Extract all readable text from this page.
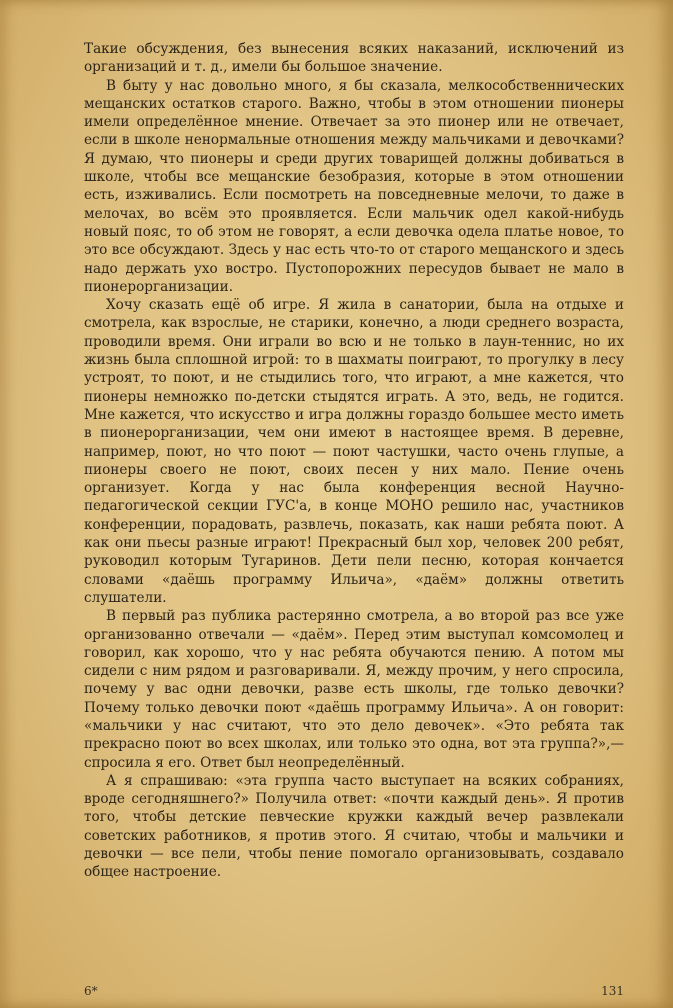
Такие обсуждения, без вынесения всяких наказаний, исключений из организаций и т. д., имели бы большое значение.

В быту у нас довольно много, я бы сказала, мелкособственнических мещанских остатков старого. Важно, чтобы в этом отношении пионеры имели определённое мнение. Отвечает за это пионер или не отвечает, если в школе ненормальные отношения между мальчиками и девочками? Я думаю, что пионеры и среди других товарищей должны добиваться в школе, чтобы все мещанские безобразия, которые в этом отношении есть, изживались. Если посмотреть на повседневные мелочи, то даже в мелочах, во всём это проявляется. Если мальчик одел какой-нибудь новый пояс, то об этом не говорят, а если девочка одела платье новое, то это все обсуждают. Здесь у нас есть что-то от старого мещанского и здесь надо держать ухо востро. Пустопорожних пересудов бывает не мало в пионерорганизации.

Хочу сказать ещё об игре. Я жила в санатории, была на отдыхе и смотрела, как взрослые, не старики, конечно, а люди среднего возраста, проводили время. Они играли во всю и не только в лаун-теннис, но их жизнь была сплошной игрой: то в шахматы поиграют, то прогулку в лесу устроят, то поют, и не стыдились того, что играют, а мне кажется, что пионеры немножко по-детски стыдятся играть. А это, ведь, не годится. Мне кажется, что искусство и игра должны гораздо большее место иметь в пионерорганизации, чем они имеют в настоящее время. В деревне, например, поют, но что поют — поют частушки, часто очень глупые, а пионеры своего не поют, своих песен у них мало. Пение очень организует. Когда у нас была конференция весной Научно-педагогической секции ГУС'а, в конце МОНО решило нас, участников конференции, порадовать, развлечь, показать, как наши ребята поют. А как они пьесы разные играют! Прекрасный был хор, человек 200 ребят, руководил которым Тугаринов. Дети пели песню, которая кончается словами «даёшь программу Ильича», «даём» должны ответить слушатели.

В первый раз публика растерянно смотрела, а во второй раз все уже организованно отвечали — «даём». Перед этим выступал комсомолец и говорил, как хорошо, что у нас ребята обучаются пению. А потом мы сидели с ним рядом и разговаривали. Я, между прочим, у него спросила, почему у вас одни девочки, разве есть школы, где только девочки? Почему только девочки поют «даёшь программу Ильича». А он говорит: «мальчики у нас считают, что это дело девочек». «Это ребята так прекрасно поют во всех школах, или только это одна, вот эта группа?»,— спросила я его. Ответ был неопределённый.

А я спрашиваю: «эта группа часто выступает на всяких собраниях, вроде сегодняшнего?» Получила ответ: «почти каждый день». Я против того, чтобы детские певческие кружки каждый вечер развлекали советских работников, я против этого. Я считаю, чтобы и мальчики и девочки — все пели, чтобы пение помогало организовывать, создавало общее настроение.

6*	131
